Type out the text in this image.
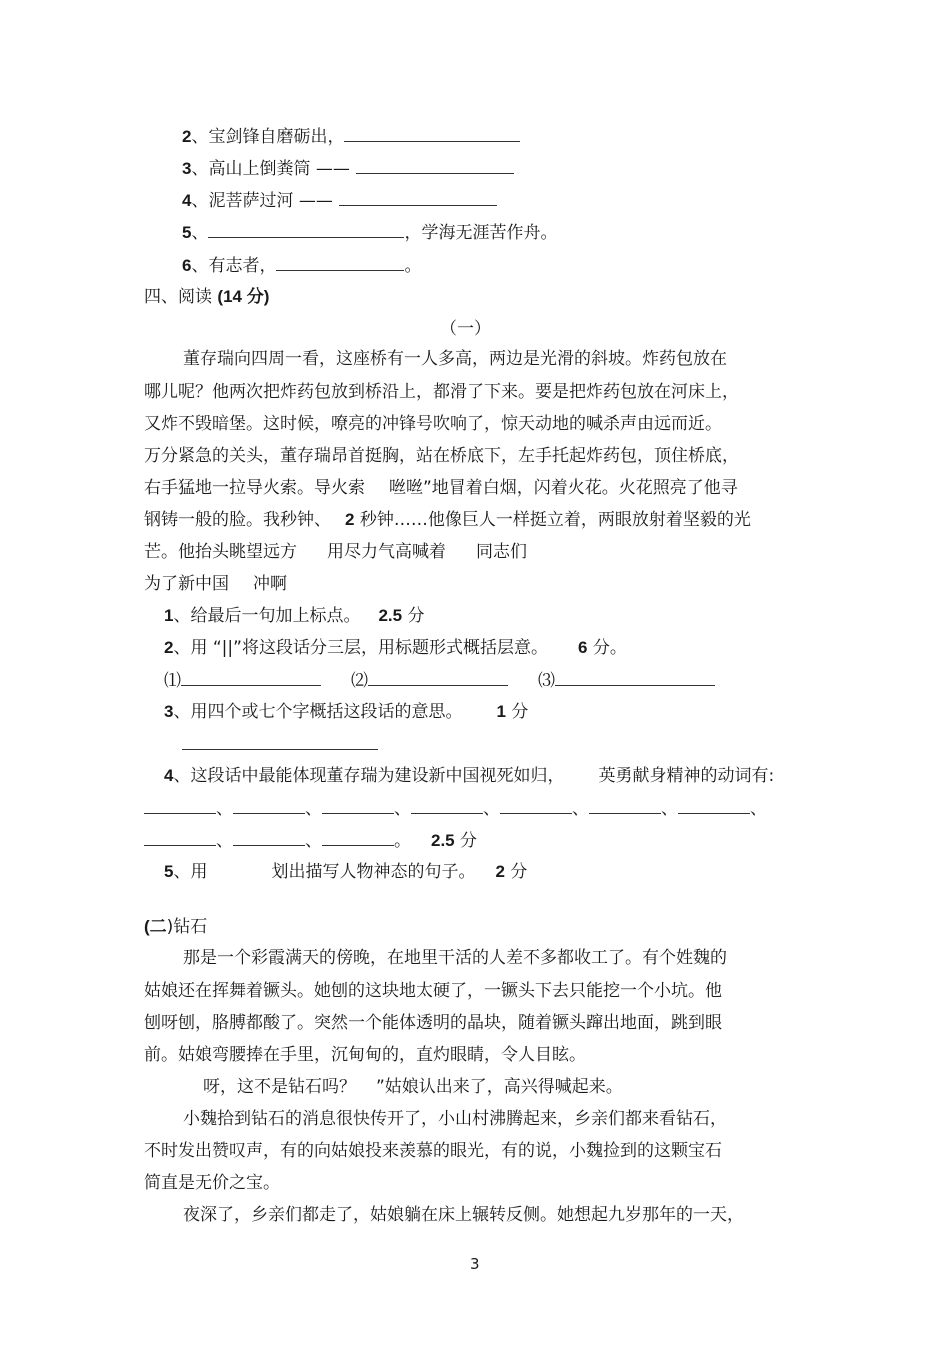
2、宝剑锋自磨砺出，
3、高山上倒粪筒 ——
4、泥菩萨过河 ——
5、	，学海无涯苦作舟。
6、有志者，	。
四、阅读 (14 分)
（一）
董存瑞向四周一看，这座桥有一人多高，两边是光滑的斜坡。炸药包放在
哪儿呢？他两次把炸药包放到桥沿上，都滑了下来。要是把炸药包放在河床上，
又炸不毁暗堡。这时候，嘹亮的冲锋号吹响了，惊天动地的喊杀声由远而近。
万分紧急的关头，董存瑞昂首挺胸，站在桥底下，左手托起炸药包，顶住桥底，
右手猛地一拉导火索。导火索 咝咝”地冒着白烟，闪着火花。火花照亮了他寻
钢铸一般的脸。我秒钟、 2 秒钟……他像巨人一样挺立着，两眼放射着坚毅的光
芒。他抬头眺望远方 用尽力气高喊着 同志们
为了新中国 冲啊
1、给最后一句加上标点。 2.5 分
2、用 “||”将这段话分三层，用标题形式概括层意。 6 分。
⑴	⑵	⑶
3、用四个或七个字概括这段话的意思。 1 分
4、这段话中最能体现董存瑞为建设新中国视死如归， 英勇献身精神的动词有:
、	、	、	、	、	、	、
、	、	。 2.5 分
5、用	划出描写人物神态的句子。 2 分
(二)钻石
那是一个彩霞满天的傍晚，在地里干活的人差不多都收工了。有个姓魏的
姑娘还在挥舞着镢头。她刨的这块地太硬了，一镢头下去只能挖一个小坑。他
刨呀刨，胳膊都酸了。突然一个能体透明的晶块，随着镢头蹿出地面，跳到眼
前。姑娘弯腰捧在手里，沉甸甸的，直灼眼睛，令人目眩。
呀，这不是钻石吗？ ”姑娘认出来了，高兴得喊起来。
小魏拾到钻石的消息很快传开了，小山村沸腾起来，乡亲们都来看钻石，
不时发出赞叹声，有的向姑娘投来羡慕的眼光，有的说，小魏捡到的这颗宝石
简直是无价之宝。
夜深了，乡亲们都走了，姑娘躺在床上辗转反侧。她想起九岁那年的一天，
3
